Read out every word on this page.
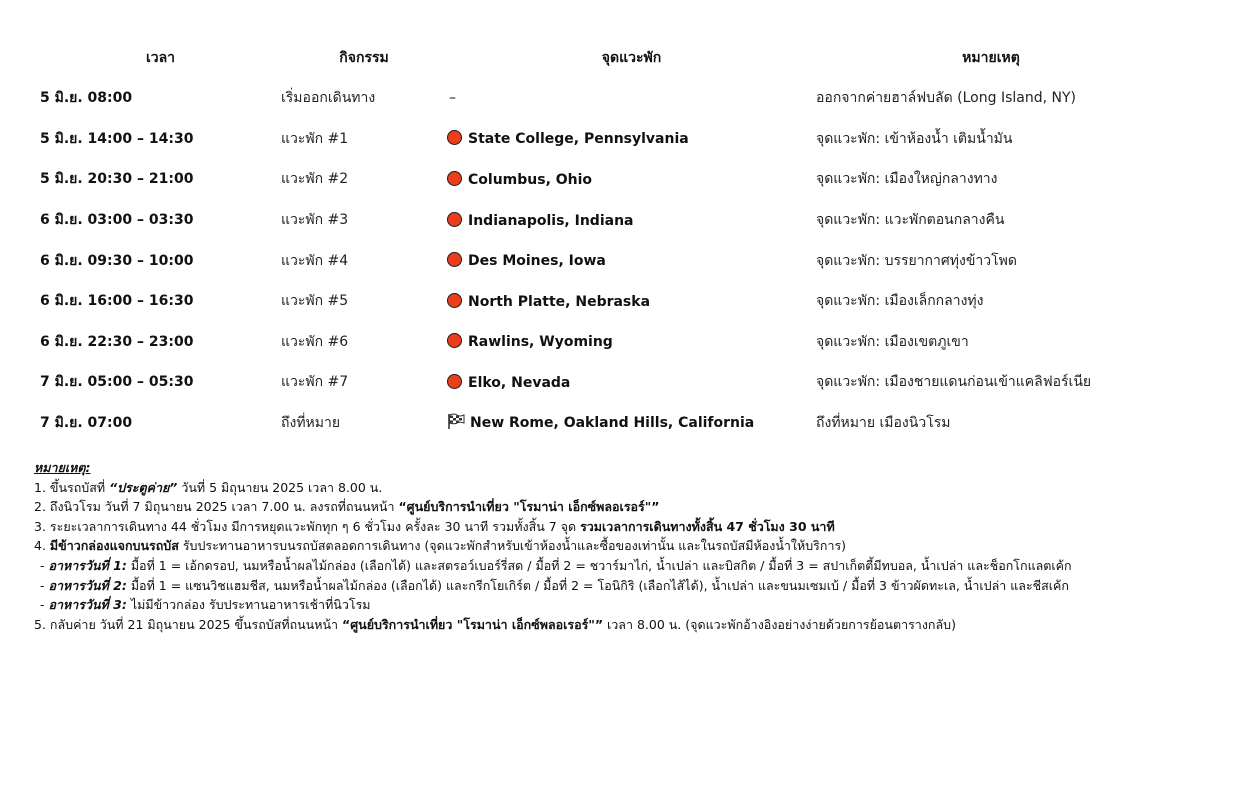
เวลา	กิจกรรม	จุดแวะพัก	หมายเหตุ
5 มิ.ย. 08:00	เริ่มออกเดินทาง	–	ออกจากค่ายฮาล์ฟบลัด (Long Island, NY)
5 มิ.ย. 14:00 – 14:30	แวะพัก #1	State College, Pennsylvania	จุดแวะพัก: เข้าห้องน้ำ เติมน้ำมัน
5 มิ.ย. 20:30 – 21:00	แวะพัก #2	Columbus, Ohio	จุดแวะพัก: เมืองใหญ่กลางทาง
6 มิ.ย. 03:00 – 03:30	แวะพัก #3	Indianapolis, Indiana	จุดแวะพัก: แวะพักตอนกลางคืน
6 มิ.ย. 09:30 – 10:00	แวะพัก #4	Des Moines, Iowa	จุดแวะพัก: บรรยากาศทุ่งข้าวโพด
6 มิ.ย. 16:00 – 16:30	แวะพัก #5	North Platte, Nebraska	จุดแวะพัก: เมืองเล็กกลางทุ่ง
6 มิ.ย. 22:30 – 23:00	แวะพัก #6	Rawlins, Wyoming	จุดแวะพัก: เมืองเขตภูเขา
7 มิ.ย. 05:00 – 05:30	แวะพัก #7	Elko, Nevada	จุดแวะพัก: เมืองชายแดนก่อนเข้าแคลิฟอร์เนีย
7 มิ.ย. 07:00	ถึงที่หมาย	New Rome, Oakland Hills, California	ถึงที่หมาย เมืองนิวโรม

หมายเหตุ:

1. ขึ้นรถบัสที่ “ประตูค่าย” วันที่ 5 มิถุนายน 2025 เวลา 8.00 น.

2. ถึงนิวโรม วันที่ 7 มิถุนายน 2025 เวลา 7.00 น. ลงรถที่ถนนหน้า “ศูนย์บริการนำเที่ยว "โรมาน่า เอ็กซ์พลอเรอร์"”

3. ระยะเวลาการเดินทาง 44 ชั่วโมง มีการหยุดแวะพักทุก ๆ 6 ชั่วโมง ครั้งละ 30 นาที รวมทั้งสิ้น 7 จุด รวมเวลาการเดินทางทั้งสิ้น 47 ชั่วโมง 30 นาที

4. มีข้าวกล่องแจกบนรถบัส รับประทานอาหารบนรถบัสตลอดการเดินทาง (จุดแวะพักสำหรับเข้าห้องน้ำและซื้อของเท่านั้น และในรถบัสมีห้องน้ำให้บริการ)

- อาหารวันที่ 1: มื้อที่ 1 = เอ้กดรอป, นมหรือน้ำผลไม้กล่อง (เลือกได้) และสตรอว์เบอร์รี่สด / มื้อที่ 2 = ชวาร์มาไก่, น้ำเปล่า และบิสกิต / มื้อที่ 3 = สปาเก็ตตี้มีทบอล, น้ำเปล่า และช็อกโกแลตเค้ก

- อาหารวันที่ 2: มื้อที่ 1 = แซนวิชแฮมชีส, นมหรือน้ำผลไม้กล่อง (เลือกได้) และกรีกโยเกิร์ต / มื้อที่ 2 = โอนิกิริ (เลือกไส้ได้), น้ำเปล่า และขนมเซมเบ้ / มื้อที่ 3 ข้าวผัดทะเล, น้ำเปล่า และชีสเค้ก

- อาหารวันที่ 3: ไม่มีข้าวกล่อง รับประทานอาหารเช้าที่นิวโรม

5. กลับค่าย วันที่ 21 มิถุนายน 2025 ขึ้นรถบัสที่ถนนหน้า “ศูนย์บริการนำเที่ยว "โรมาน่า เอ็กซ์พลอเรอร์"” เวลา 8.00 น. (จุดแวะพักอ้างอิงอย่างง่ายด้วยการย้อนตารางกลับ)
